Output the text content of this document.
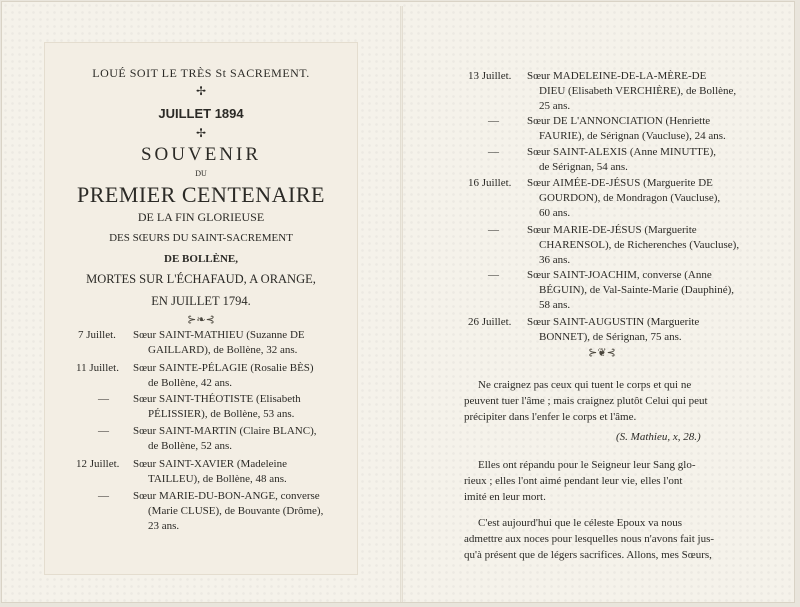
LOUÉ SOIT LE TRÈS St SACREMENT.
✢
JUILLET 1894
✢
SOUVENIR
DU
PREMIER CENTENAIRE
DE LA FIN GLORIEUSE
DES SŒURS DU SAINT-SACREMENT
DE BOLLÈNE,
MORTES SUR L'ÉCHAFAUD, A ORANGE,
EN JUILLET 1794.
⊱❧⊰
7 Juillet. Sœur SAINT-MATHIEU (Suzanne DE
GAILLARD), de Bollène, 32 ans.
11 Juillet. Sœur SAINTE-PÉLAGIE (Rosalie BÈS)
de Bollène, 42 ans.
— Sœur SAINT-THÉOTISTE (Elisabeth
PÉLISSIER), de Bollène, 53 ans.
— Sœur SAINT-MARTIN (Claire BLANC),
de Bollène, 52 ans.
12 Juillet. Sœur SAINT-XAVIER (Madeleine
TAILLEU), de Bollène, 48 ans.
— Sœur MARIE-DU-BON-ANGE, converse
(Marie CLUSE), de Bouvante (Drôme),
23 ans.
13 Juillet. Sœur MADELEINE-DE-LA-MÈRE-DE
DIEU (Elisabeth VERCHIÈRE), de Bollène,
25 ans.
—	Sœur DE L'ANNONCIATION (Henriette
FAURIE), de Sérignan (Vaucluse), 24 ans.
—	Sœur SAINT-ALEXIS (Anne MINUTTE),
de Sérignan, 54 ans.
16 Juillet. Sœur AIMÉE-DE-JÉSUS (Marguerite DE
GOURDON), de Mondragon (Vaucluse),
60 ans.
—	Sœur MARIE-DE-JÉSUS (Marguerite
CHARENSOL), de Richerenches (Vaucluse),
36 ans.
—	Sœur SAINT-JOACHIM, converse (Anne
BÉGUIN), de Val-Sainte-Marie (Dauphiné),
58 ans.
26 Juillet. Sœur SAINT-AUGUSTIN (Marguerite
BONNET), de Sérignan, 75 ans.
⊱❦⊰
Ne craignez pas ceux qui tuent le corps et qui ne
peuvent tuer l'âme ; mais craignez plutôt Celui qui peut
précipiter dans l'enfer le corps et l'âme.
(S. Mathieu, x, 28.)
Elles ont répandu pour le Seigneur leur Sang glo-
rieux ; elles l'ont aimé pendant leur vie, elles l'ont
imité en leur mort.
C'est aujourd'hui que le céleste Epoux va nous
admettre aux noces pour lesquelles nous n'avons fait jus-
qu'à présent que de légers sacrifices. Allons, mes Sœurs,
